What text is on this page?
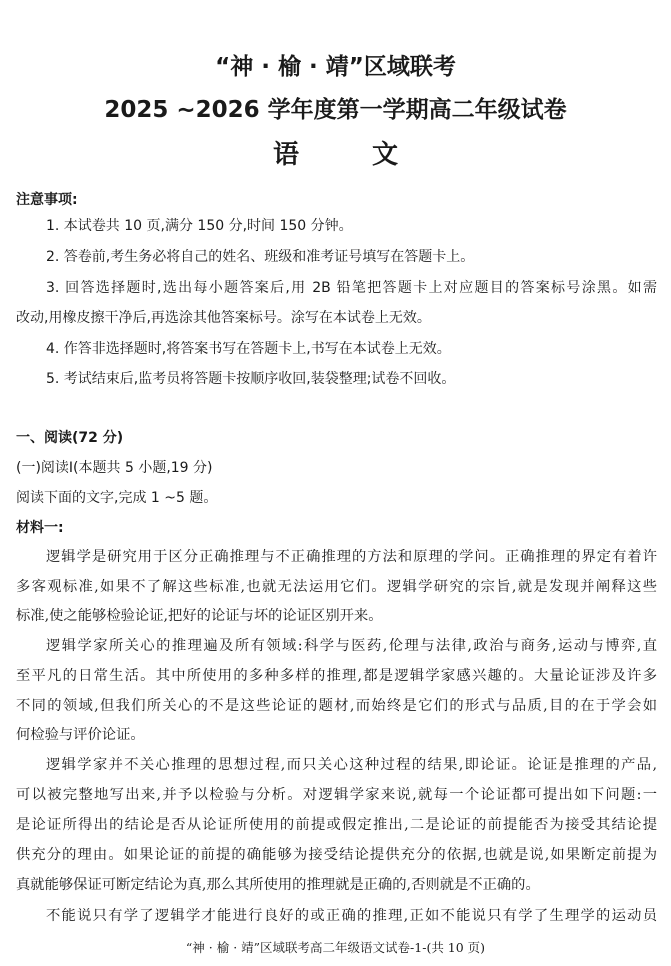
“神 · 榆 · 靖”区域联考
2025 ~2026 学年度第一学期高二年级试卷
语 文
注意事项:
1. 本试卷共 10 页,满分 150 分,时间 150 分钟。
2. 答卷前,考生务必将自己的姓名、班级和准考证号填写在答题卡上。
3. 回答选择题时,选出每小题答案后,用 2B 铅笔把答题卡上对应题目的答案标号涂黑。如需
改动,用橡皮擦干净后,再选涂其他答案标号。涂写在本试卷上无效。
4. 作答非选择题时,将答案书写在答题卡上,书写在本试卷上无效。
5. 考试结束后,监考员将答题卡按顺序收回,装袋整理;试卷不回收。
一、阅读(72 分)
(一)阅读Ⅰ(本题共 5 小题,19 分)
阅读下面的文字,完成 1 ~5 题。
材料一:
逻辑学是研究用于区分正确推理与不正确推理的方法和原理的学问。正确推理的界定有着许
多客观标准,如果不了解这些标准,也就无法运用它们。逻辑学研究的宗旨,就是发现并阐释这些
标准,使之能够检验论证,把好的论证与坏的论证区别开来。
逻辑学家所关心的推理遍及所有领域:科学与医药,伦理与法律,政治与商务,运动与博弈,直
至平凡的日常生活。其中所使用的多种多样的推理,都是逻辑学家感兴趣的。大量论证涉及许多
不同的领域,但我们所关心的不是这些论证的题材,而始终是它们的形式与品质,目的在于学会如
何检验与评价论证。
逻辑学家并不关心推理的思想过程,而只关心这种过程的结果,即论证。论证是推理的产品,
可以被完整地写出来,并予以检验与分析。对逻辑学家来说,就每一个论证都可提出如下问题:一
是论证所得出的结论是否从论证所使用的前提或假定推出,二是论证的前提能否为接受其结论提
供充分的理由。如果论证的前提的确能够为接受结论提供充分的依据,也就是说,如果断定前提为
真就能够保证可断定结论为真,那么其所使用的推理就是正确的,否则就是不正确的。
不能说只有学了逻辑学才能进行良好的或正确的推理,正如不能说只有学了生理学的运动员
“神 · 榆 · 靖”区域联考高二年级语文试卷-1-(共 10 页)
